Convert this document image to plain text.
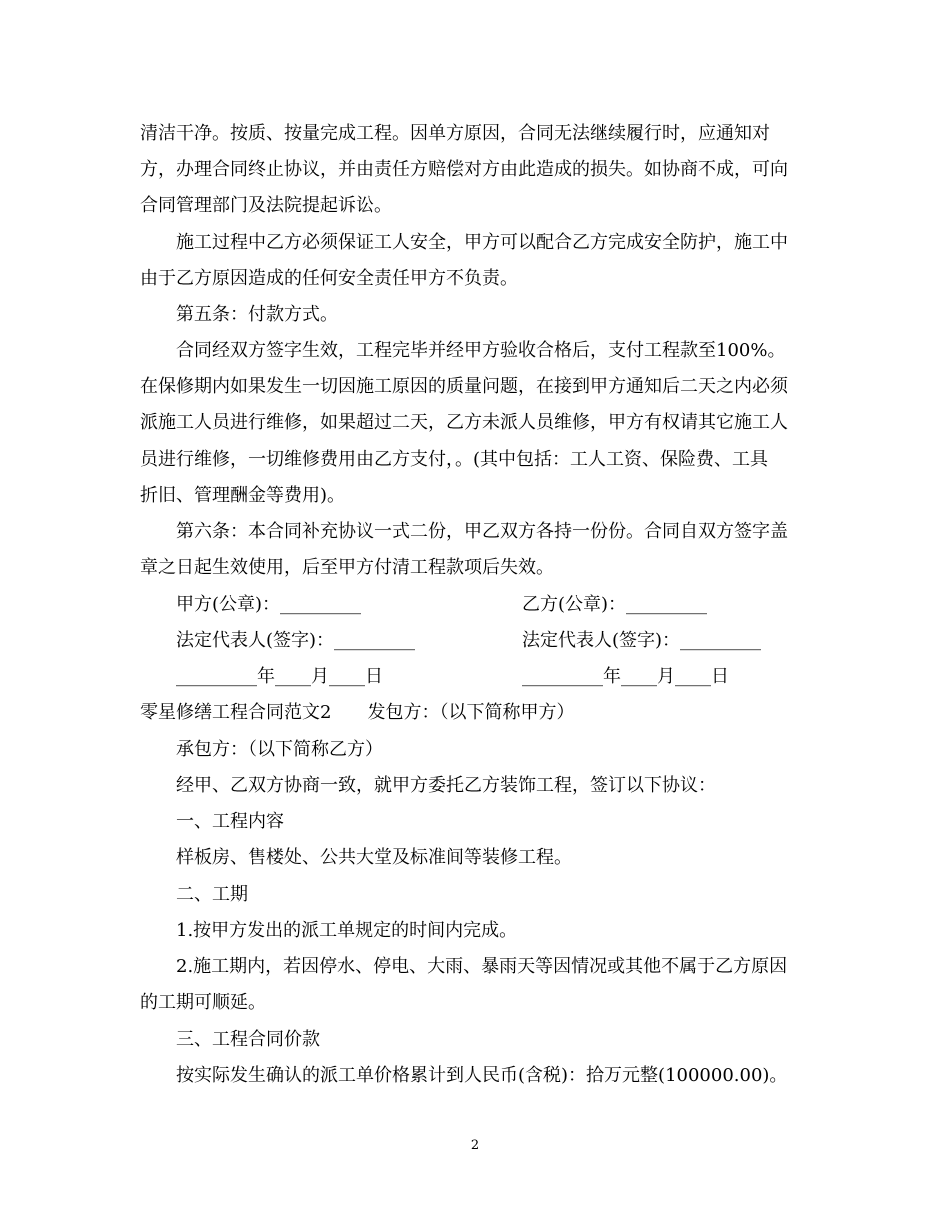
清洁干净。按质、按量完成工程。因单方原因，合同无法继续履行时，应通知对
方，办理合同终止协议，并由责任方赔偿对方由此造成的损失。如协商不成，可向
合同管理部门及法院提起诉讼。
施工过程中乙方必须保证工人安全，甲方可以配合乙方完成安全防护，施工中
由于乙方原因造成的任何安全责任甲方不负责。
第五条：付款方式。
合同经双方签字生效，工程完毕并经甲方验收合格后，支付工程款至100%。
在保修期内如果发生一切因施工原因的质量问题，在接到甲方通知后二天之内必须
派施工人员进行维修，如果超过二天，乙方未派人员维修，甲方有权请其它施工人
员进行维修，一切维修费用由乙方支付，。(其中包括：工人工资、保险费、工具
折旧、管理酬金等费用)。
第六条：本合同补充协议一式二份，甲乙双方各持一份份。合同自双方签字盖
章之日起生效使用，后至甲方付清工程款项后失效。
甲方(公章)：_________	乙方(公章)：_________
法定代表人(签字)：_________	法定代表人(签字)：_________
_________年____月____日	_________年____月____日
零星修缮工程合同范文2　　发包方：（以下简称甲方）
承包方：（以下简称乙方）
经甲、乙双方协商一致，就甲方委托乙方装饰工程，签订以下协议：
一、工程内容
样板房、售楼处、公共大堂及标准间等装修工程。
二、工期
1.按甲方发出的派工单规定的时间内完成。
2.施工期内，若因停水、停电、大雨、暴雨天等因情况或其他不属于乙方原因
的工期可顺延。
三、工程合同价款
按实际发生确认的派工单价格累计到人民币(含税)：拾万元整(100000.00)。
2
